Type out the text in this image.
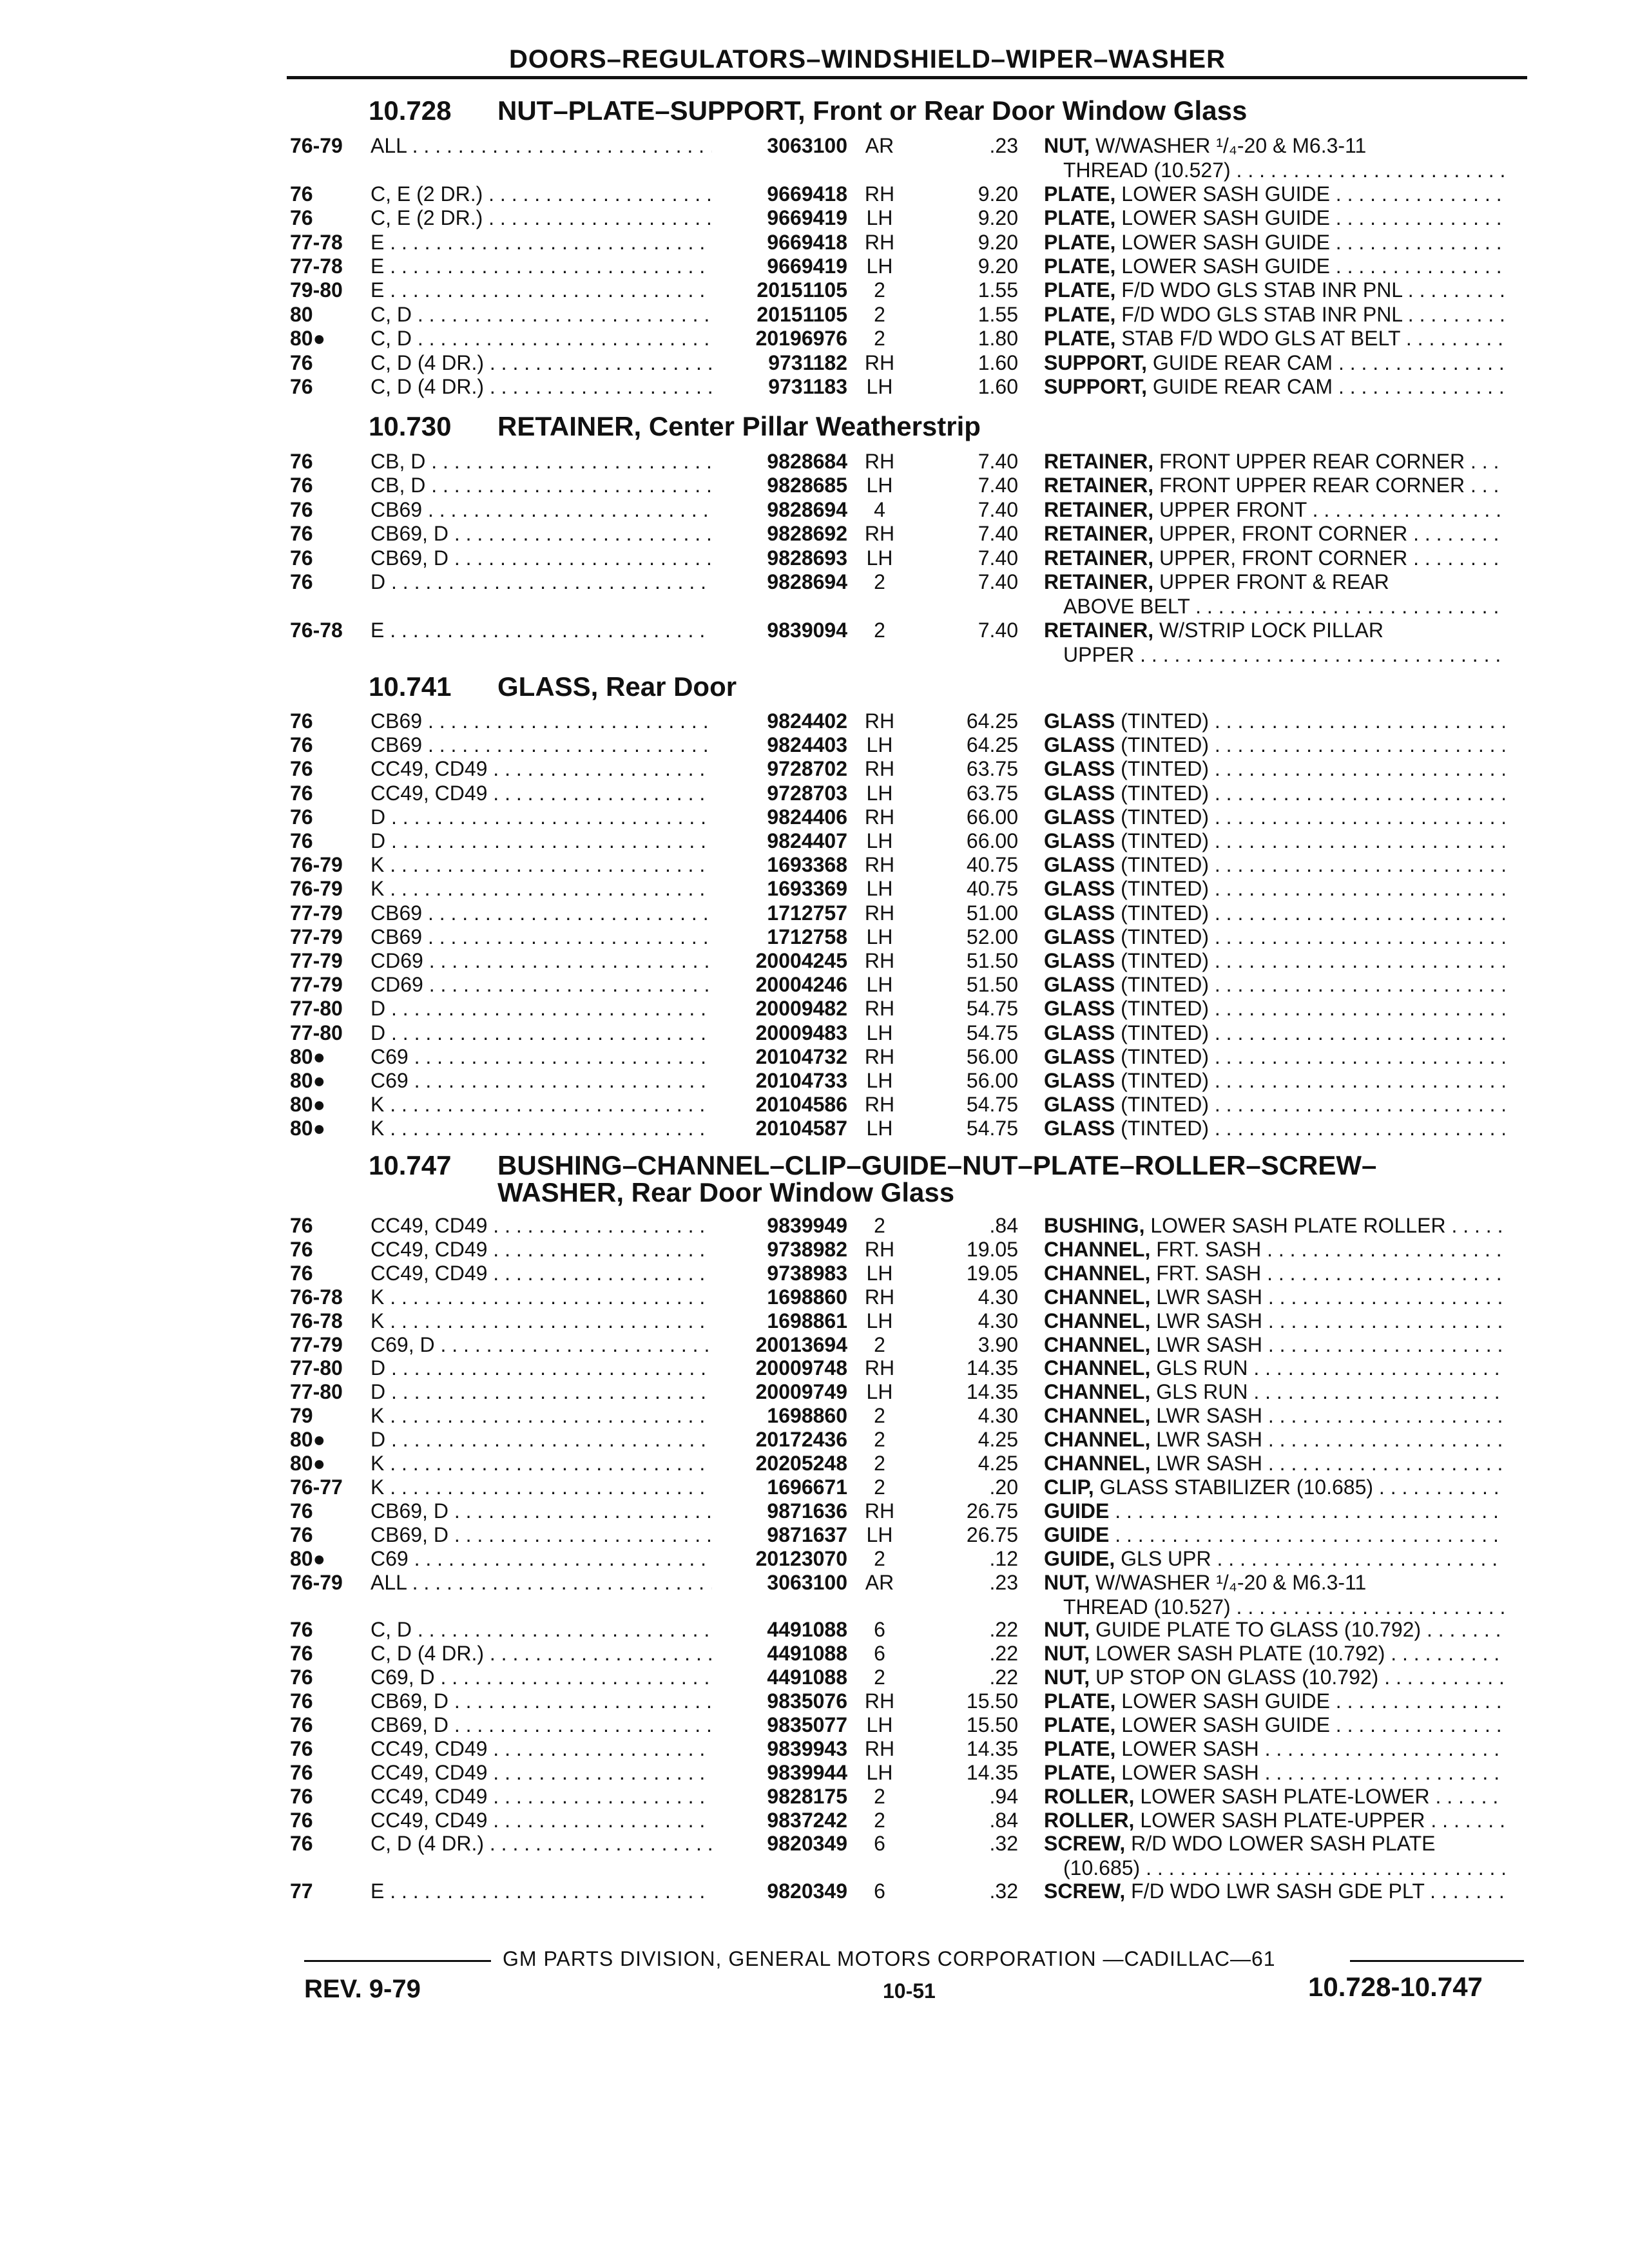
DOORS–REGULATORS–WINDSHIELD–WIPER–WASHER
10.728 NUT–PLATE–SUPPORT, Front or Rear Door Window Glass
76-79 ALL . . .	3063100 AR	.23 NUT, W/WASHER ¹/₄-20 & M6.3-11
THREAD (10.527) . . .
76	C, E (2 DR.) . . .	9669418 RH	9.20 PLATE, LOWER SASH GUIDE . . .
76	C, E (2 DR.) . . .	9669419 LH	9.20 PLATE, LOWER SASH GUIDE . . .
77-78 E . . .	9669418 RH	9.20 PLATE, LOWER SASH GUIDE . . .
77-78 E . . .	9669419 LH	9.20 PLATE, LOWER SASH GUIDE . . .
79-80 E . . .	20151105	2	1.55 PLATE, F/D WDO GLS STAB INR PNL . . .
80	C, D . . .	20151105	2	1.55 PLATE, F/D WDO GLS STAB INR PNL . . .
80● C, D . . .	20196976	2	1.80 PLATE, STAB F/D WDO GLS AT BELT . . .
76	C, D (4 DR.) . . .	9731182 RH	1.60 SUPPORT, GUIDE REAR CAM . . .
76	C, D (4 DR.) . . .	9731183 LH	1.60 SUPPORT, GUIDE REAR CAM . . .
10.730 RETAINER, Center Pillar Weatherstrip
76	CB, D . . .	9828684 RH	7.40 RETAINER, FRONT UPPER REAR CORNER . . .
76	CB, D . . .	9828685 LH	7.40 RETAINER, FRONT UPPER REAR CORNER . . .
76	CB69 . . .	9828694	4	7.40 RETAINER, UPPER FRONT . . .
76	CB69, D . . .	9828692 RH	7.40 RETAINER, UPPER, FRONT CORNER . . .
76	CB69, D . . .	9828693 LH	7.40 RETAINER, UPPER, FRONT CORNER . . .
76	D . . .	9828694	2	7.40 RETAINER, UPPER FRONT & REAR
ABOVE BELT . . .
76-78 E . . .	9839094	2	7.40 RETAINER, W/STRIP LOCK PILLAR
UPPER . . .
10.741 GLASS, Rear Door
76	CB69 . . .	9824402 RH	64.25 GLASS (TINTED) . . .
76	CB69 . . .	9824403 LH	64.25 GLASS (TINTED) . . .
76	CC49, CD49 . . .	9728702 RH	63.75 GLASS (TINTED) . . .
76	CC49, CD49 . . .	9728703 LH	63.75 GLASS (TINTED) . . .
76	D . . .	9824406 RH	66.00 GLASS (TINTED) . . .
76	D . . .	9824407 LH	66.00 GLASS (TINTED) . . .
76-79 K . . .	1693368 RH	40.75 GLASS (TINTED) . . .
76-79 K . . .	1693369 LH	40.75 GLASS (TINTED) . . .
77-79 CB69 . . .	1712757 RH	51.00 GLASS (TINTED) . . .
77-79 CB69 . . .	1712758 LH	52.00 GLASS (TINTED) . . .
77-79 CD69 . . .	20004245 RH	51.50 GLASS (TINTED) . . .
77-79 CD69 . . .	20004246 LH	51.50 GLASS (TINTED) . . .
77-80 D . . .	20009482 RH	54.75 GLASS (TINTED) . . .
77-80 D . . .	20009483 LH	54.75 GLASS (TINTED) . . .
80● C69 . . .	20104732 RH	56.00 GLASS (TINTED) . . .
80● C69 . . .	20104733 LH	56.00 GLASS (TINTED) . . .
80● K . . .	20104586 RH	54.75 GLASS (TINTED) . . .
80● K . . .	20104587 LH	54.75 GLASS (TINTED) . . .
10.747 BUSHING–CHANNEL–CLIP–GUIDE–NUT–PLATE–ROLLER–SCREW–
WASHER, Rear Door Window Glass
76	CC49, CD49 . . .	9839949	2	.84 BUSHING, LOWER SASH PLATE ROLLER . . .
76	CC49, CD49 . . .	9738982 RH	19.05 CHANNEL, FRT. SASH . . .
76	CC49, CD49 . . .	9738983 LH	19.05 CHANNEL, FRT. SASH . . .
76-78 K . . .	1698860 RH	4.30 CHANNEL, LWR SASH . . .
76-78 K . . .	1698861 LH	4.30 CHANNEL, LWR SASH . . .
77-79 C69, D . . .	20013694	2	3.90 CHANNEL, LWR SASH . . .
77-80 D . . .	20009748 RH	14.35 CHANNEL, GLS RUN . . .
77-80 D . . .	20009749 LH	14.35 CHANNEL, GLS RUN . . .
79	K . . .	1698860	2	4.30 CHANNEL, LWR SASH . . .
80● D . . .	20172436	2	4.25 CHANNEL, LWR SASH . . .
80● K . . .	20205248	2	4.25 CHANNEL, LWR SASH . . .
76-77 K . . .	1696671	2	.20 CLIP, GLASS STABILIZER (10.685) . . .
76	CB69, D . . .	9871636 RH	26.75 GUIDE . . .
76	CB69, D . . .	9871637 LH	26.75 GUIDE . . .
80● C69 . . .	20123070	2	.12 GUIDE, GLS UPR . . .
76-79 ALL . . .	3063100 AR	.23 NUT, W/WASHER ¹/₄-20 & M6.3-11
THREAD (10.527) . . .
76	C, D . . .	4491088	6	.22 NUT, GUIDE PLATE TO GLASS (10.792) . . .
76	C, D (4 DR.) . . .	4491088	6	.22 NUT, LOWER SASH PLATE (10.792) . . .
76	C69, D . . .	4491088	2	.22 NUT, UP STOP ON GLASS (10.792) . . .
76	CB69, D . . .	9835076 RH	15.50 PLATE, LOWER SASH GUIDE . . .
76	CB69, D . . .	9835077 LH	15.50 PLATE, LOWER SASH GUIDE . . .
76	CC49, CD49 . . .	9839943 RH	14.35 PLATE, LOWER SASH . . .
76	CC49, CD49 . . .	9839944 LH	14.35 PLATE, LOWER SASH . . .
76	CC49, CD49 . . .	9828175	2	.94 ROLLER, LOWER SASH PLATE-LOWER . . .
76	CC49, CD49 . . .	9837242	2	.84 ROLLER, LOWER SASH PLATE-UPPER . . .
76	C, D (4 DR.) . . .	9820349	6	.32 SCREW, R/D WDO LOWER SASH PLATE
(10.685) . . .
77	E . . .	9820349	6	.32 SCREW, F/D WDO LWR SASH GDE PLT . . .
GM PARTS DIVISION, GENERAL MOTORS CORPORATION —CADILLAC—61
REV. 9-79	10-51	10.728-10.747
